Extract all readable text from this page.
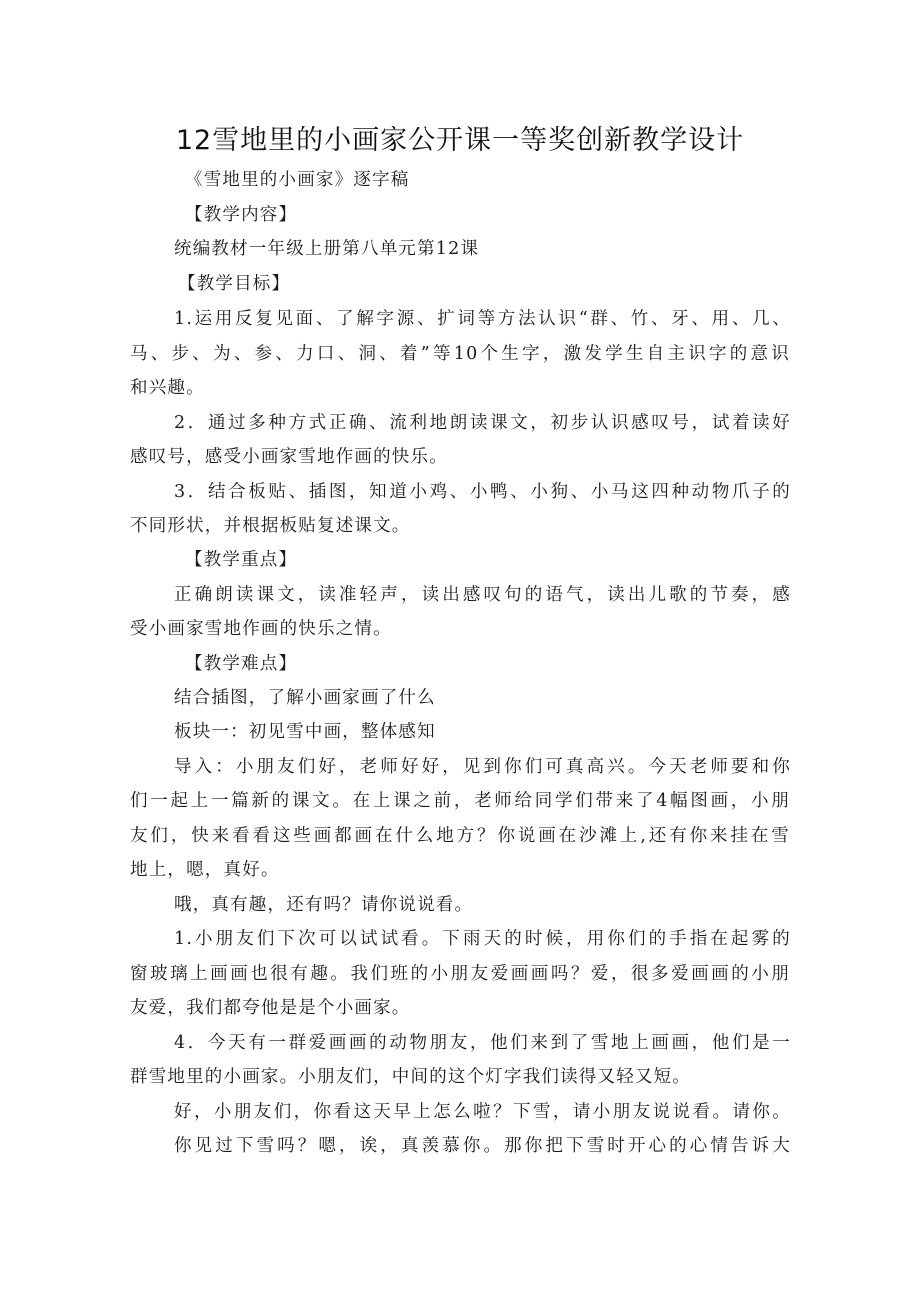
12雪地里的小画家公开课一等奖创新教学设计
《雪地里的小画家》逐字稿
【教学内容】
统编教材一年级上册第八单元第12课
【教学目标】
1.运用反复见面、了解字源、扩词等方法认识“群、竹、牙、用、几、
马、步、为、参、力口、洞、着”等10个生字，激发学生自主识字的意识
和兴趣。
2．通过多种方式正确、流利地朗读课文，初步认识感叹号，试着读好
感叹号，感受小画家雪地作画的快乐。
3．结合板贴、插图，知道小鸡、小鸭、小狗、小马这四种动物爪子的
不同形状，并根据板贴复述课文。
【教学重点】
正确朗读课文，读准轻声，读出感叹句的语气，读出儿歌的节奏，感
受小画家雪地作画的快乐之情。
【教学难点】
结合插图，了解小画家画了什么
板块一：初见雪中画，整体感知
导入：小朋友们好，老师好好，见到你们可真高兴。今天老师要和你
们一起上一篇新的课文。在上课之前，老师给同学们带来了4幅图画，小朋
友们，快来看看这些画都画在什么地方？你说画在沙滩上,还有你来挂在雪
地上，嗯，真好。
哦，真有趣，还有吗？请你说说看。
1.小朋友们下次可以试试看。下雨天的时候，用你们的手指在起雾的
窗玻璃上画画也很有趣。我们班的小朋友爱画画吗？爱，很多爱画画的小朋
友爱，我们都夸他是是个小画家。
4．今天有一群爱画画的动物朋友，他们来到了雪地上画画，他们是一
群雪地里的小画家。小朋友们，中间的这个灯字我们读得又轻又短。
好，小朋友们，你看这天早上怎么啦？下雪，请小朋友说说看。请你。
你见过下雪吗？嗯，诶，真羡慕你。那你把下雪时开心的心情告诉大
